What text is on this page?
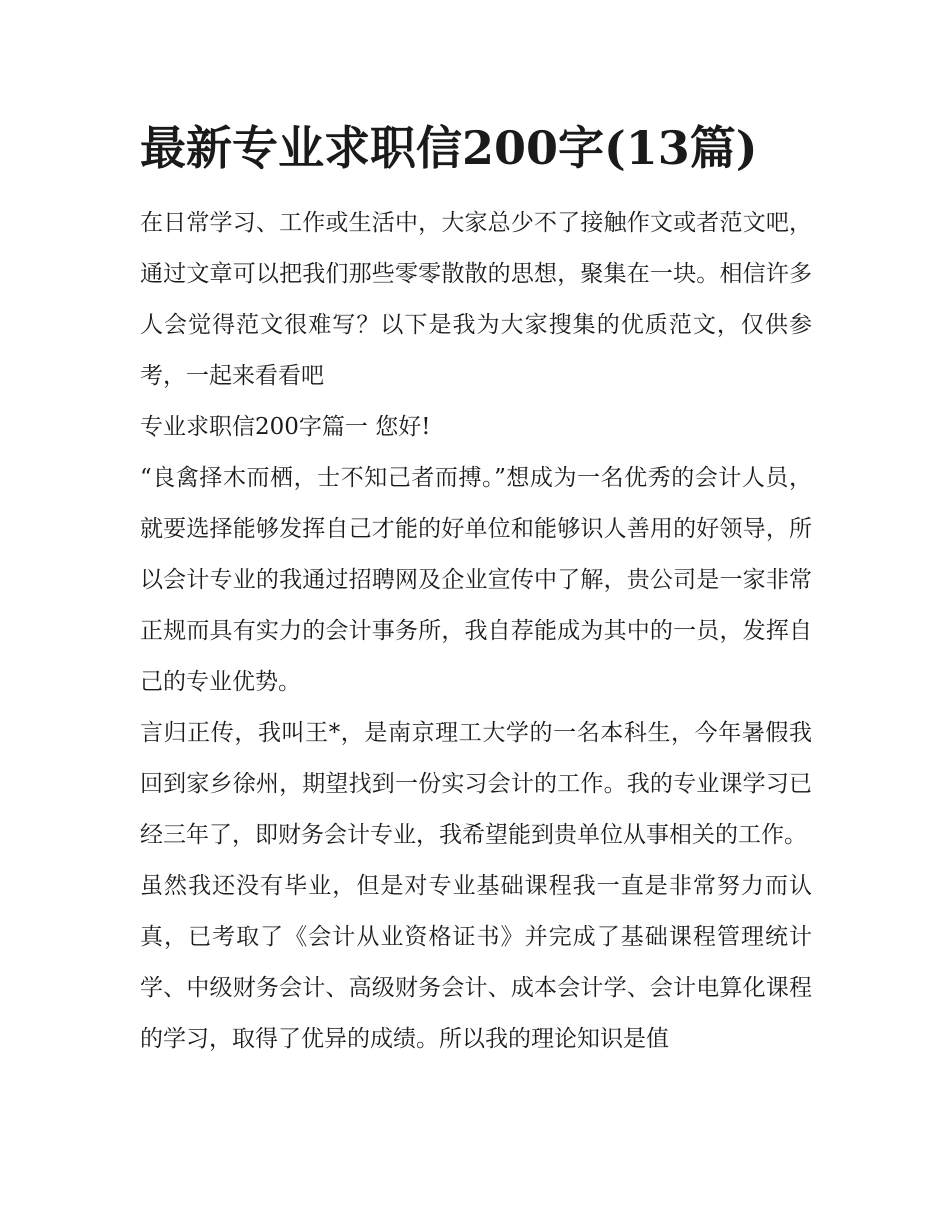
最新专业求职信200字(13篇)

在日常学习、工作或生活中，大家总少不了接触作文或者范文吧，通过文章可以把我们那些零零散散的思想，聚集在一块。相信许多人会觉得范文很难写？以下是我为大家搜集的优质范文，仅供参考，一起来看看吧

专业求职信200字篇一 您好!

“良禽择木而栖，士不知己者而搏。”想成为一名优秀的会计人员，就要选择能够发挥自己才能的好单位和能够识人善用的好领导，所以会计专业的我通过招聘网及企业宣传中了解，贵公司是一家非常正规而具有实力的会计事务所，我自荐能成为其中的一员，发挥自己的专业优势。

言归正传，我叫王*，是南京理工大学的一名本科生，今年暑假我回到家乡徐州，期望找到一份实习会计的工作。我的专业课学习已经三年了，即财务会计专业，我希望能到贵单位从事相关的工作。

虽然我还没有毕业，但是对专业基础课程我一直是非常努力而认真，已考取了《会计从业资格证书》并完成了基础课程管理统计学、中级财务会计、高级财务会计、成本会计学、会计电算化课程的学习，取得了优异的成绩。所以我的理论知识是值
